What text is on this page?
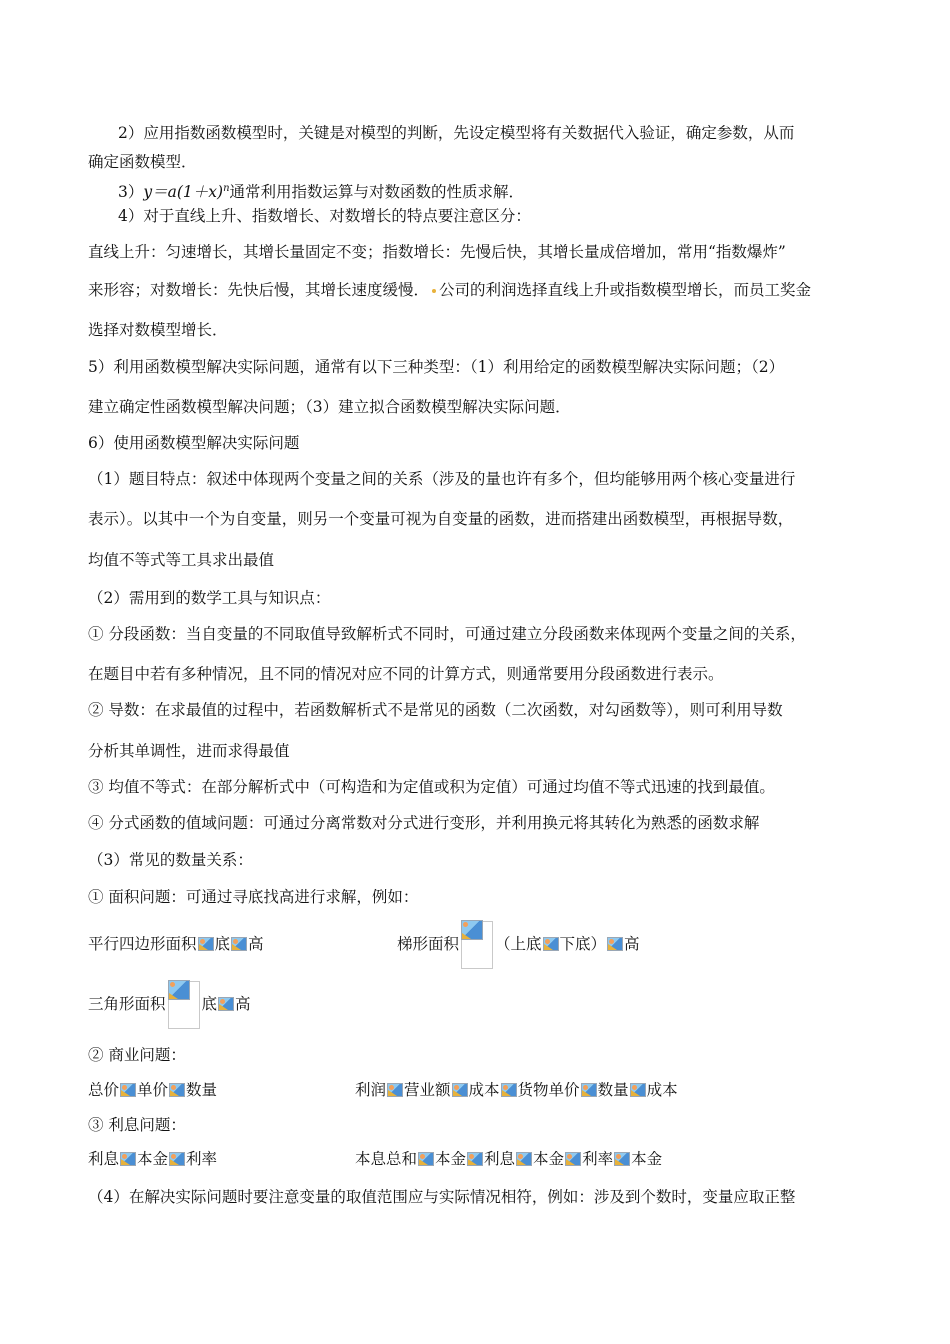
2）应用指数函数模型时，关键是对模型的判断，先设定模型将有关数据代入验证，确定参数，从而
确定函数模型．
$3)y=a(1+x)^n$通常利用指数运算与对数函数的性质求解．
4）对于直线上升、指数增长、对数增长的特点要注意区分：
直线上升：匀速增长，其增长量固定不变；指数增长：先慢后快，其增长量成倍增加，常用“指数爆炸”
来形容；对数增长：先快后慢，其增长速度缓慢． 公司的利润选择直线上升或指数模型增长，而员工奖金
选择对数模型增长．
5）利用函数模型解决实际问题，通常有以下三种类型：（1）利用给定的函数模型解决实际问题；（2）
建立确定性函数模型解决问题；（3）建立拟合函数模型解决实际问题．
6）使用函数模型解决实际问题
（1）题目特点：叙述中体现两个变量之间的关系（涉及的量也许有多个，但均能够用两个核心变量进行
表示）。以其中一个为自变量，则另一个变量可视为自变量的函数，进而搭建出函数模型，再根据导数，
均值不等式等工具求出最值
（2）需用到的数学工具与知识点：
① 分段函数：当自变量的不同取值导致解析式不同时，可通过建立分段函数来体现两个变量之间的关系，
在题目中若有多种情况，且不同的情况对应不同的计算方式，则通常要用分段函数进行表示。
② 导数：在求最值的过程中，若函数解析式不是常见的函数（二次函数，对勾函数等），则可利用导数
分析其单调性，进而求得最值
③ 均值不等式：在部分解析式中（可构造和为定值或积为定值）可通过均值不等式迅速的找到最值。
④ 分式函数的值域问题：可通过分离常数对分式进行变形，并利用换元将其转化为熟悉的函数求解
（3）常见的数量关系：
① 面积问题：可通过寻底找高进行求解，例如：
平行四边形面积 底 高	梯形面积 （上底 下底） 高
三角形面积 底 高
② 商业问题：
总价 单价 数量	利润 营业额 成本 货物单价 数量 成本
③ 利息问题：
利息 本金 利率	本息总和 本金 利息 本金 利率 本金
（4）在解决实际问题时要注意变量的取值范围应与实际情况相符，例如：涉及到个数时，变量应取正整
